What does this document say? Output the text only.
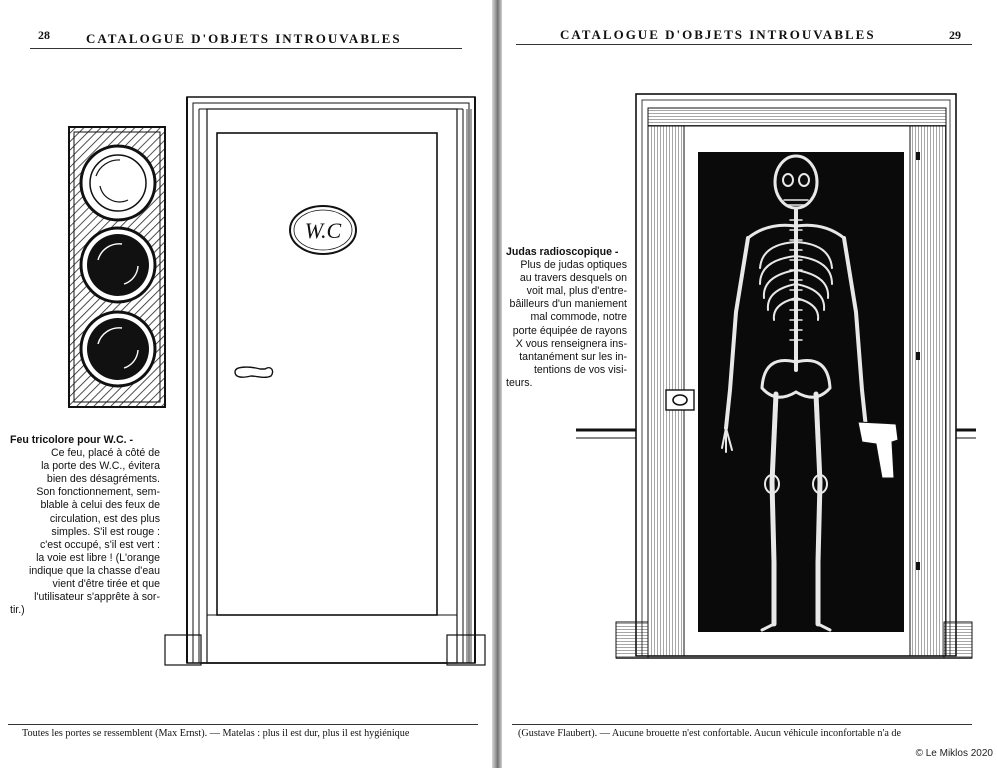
28	CATALOGUE D'OBJETS INTROUVABLES
W.C
Feu tricolore pour W.C. -
Ce feu, placé à côté de
la porte des W.C., évitera
bien des désagréments.
Son fonctionnement, sem-
blable à celui des feux de
circulation, est des plus
simples. S'il est rouge :
c'est occupé, s'il est vert :
la voie est libre ! (L'orange
indique que la chasse d'eau
vient d'être tirée et que
l'utilisateur s'apprête à sor-
tir.)
Toutes les portes se ressemblent (Max Ernst). — Matelas : plus il est dur, plus il est hygiénique
CATALOGUE D'OBJETS INTROUVABLES	29
Judas radioscopique -
Plus de judas optiques
au travers desquels on
voit mal, plus d'entre-
bâilleurs d'un maniement
mal commode, notre
porte équipée de rayons
X vous renseignera ins-
tantanément sur les in-
tentions de vos visi-
teurs.
(Gustave Flaubert). — Aucune brouette n'est confortable. Aucun véhicule inconfortable n'a de
© Le Miklos 2020
